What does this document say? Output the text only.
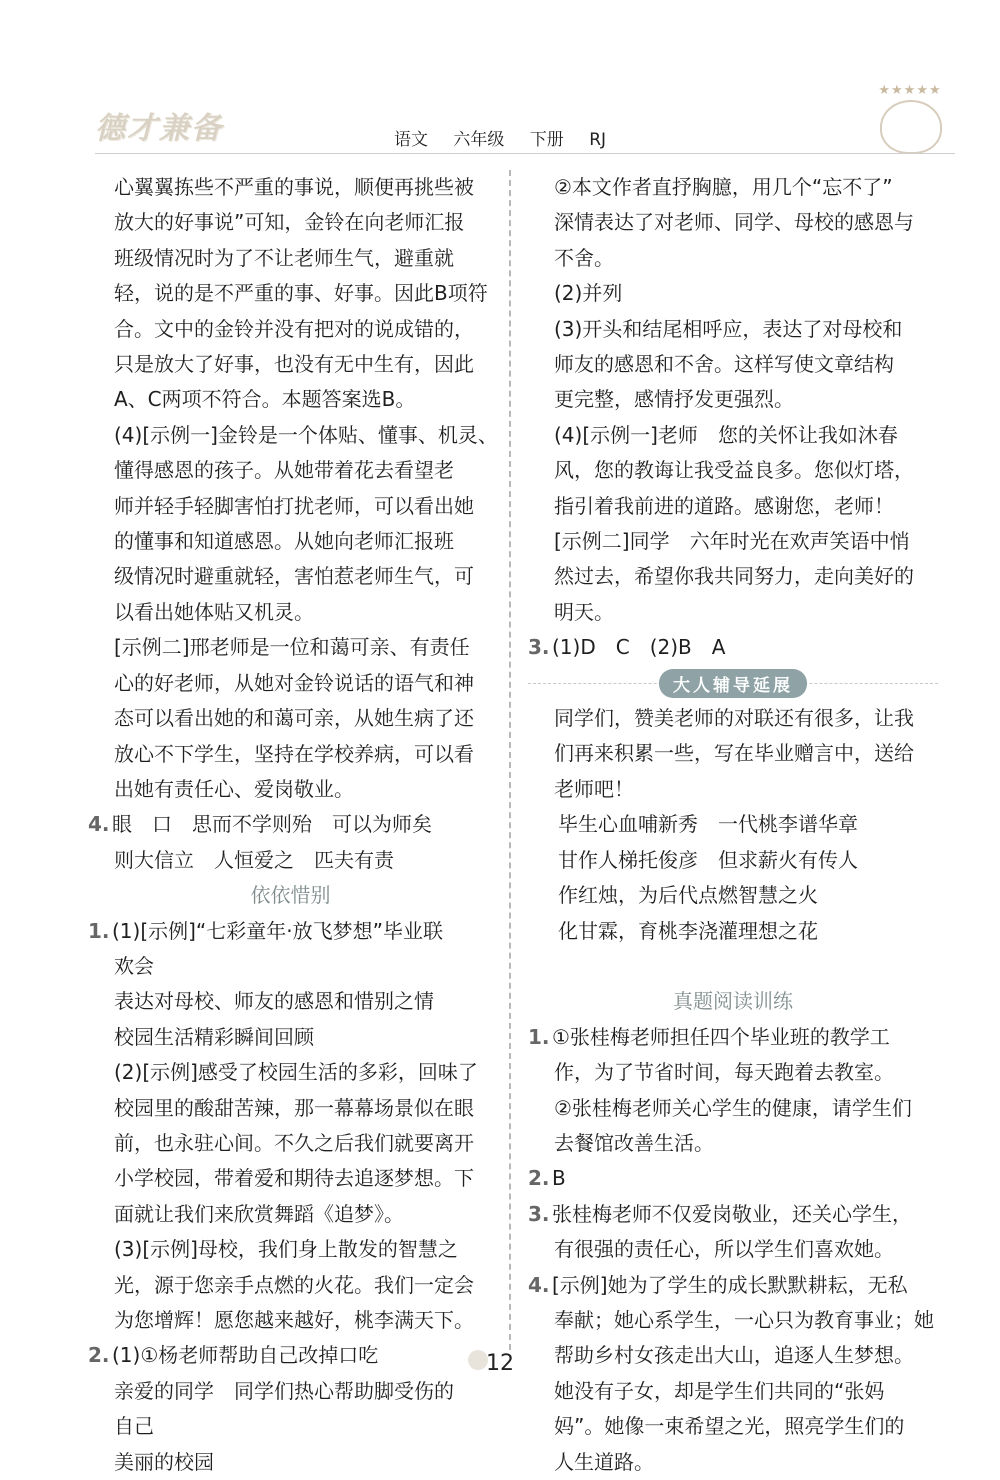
德才兼备	语文 六年级 下册 RJ
★★★★★
心翼翼拣些不严重的事说，顺便再挑些被
放大的好事说”可知，金铃在向老师汇报
班级情况时为了不让老师生气，避重就
轻，说的是不严重的事、好事。因此B项符
合。文中的金铃并没有把对的说成错的，
只是放大了好事，也没有无中生有，因此
A、C两项不符合。本题答案选B。
(4)[示例一]金铃是一个体贴、懂事、机灵、
懂得感恩的孩子。从她带着花去看望老
师并轻手轻脚害怕打扰老师，可以看出她
的懂事和知道感恩。从她向老师汇报班
级情况时避重就轻，害怕惹老师生气，可
以看出她体贴又机灵。
[示例二]邢老师是一位和蔼可亲、有责任
心的好老师，从她对金铃说话的语气和神
态可以看出她的和蔼可亲，从她生病了还
放心不下学生，坚持在学校养病，可以看
出她有责任心、爱岗敬业。
4. 眼　口　思而不学则殆　可以为师矣
则大信立　人恒爱之　匹夫有责
依依惜别
1. (1)[示例]“七彩童年·放飞梦想”毕业联
欢会
表达对母校、师友的感恩和惜别之情
校园生活精彩瞬间回顾
(2)[示例]感受了校园生活的多彩，回味了
校园里的酸甜苦辣，那一幕幕场景似在眼
前，也永驻心间。不久之后我们就要离开
小学校园，带着爱和期待去追逐梦想。下
面就让我们来欣赏舞蹈《追梦》。
(3)[示例]母校，我们身上散发的智慧之
光，源于您亲手点燃的火花。我们一定会
为您增辉！愿您越来越好，桃李满天下。
2. (1)①杨老师帮助自己改掉口吃
亲爱的同学　同学们热心帮助脚受伤的
自己
美丽的校园
②本文作者直抒胸臆，用几个“忘不了”
深情表达了对老师、同学、母校的感恩与
不舍。
(2)并列
(3)开头和结尾相呼应，表达了对母校和
师友的感恩和不舍。这样写使文章结构
更完整，感情抒发更强烈。
(4)[示例一]老师　您的关怀让我如沐春
风，您的教诲让我受益良多。您似灯塔，
指引着我前进的道路。感谢您，老师！
[示例二]同学　六年时光在欢声笑语中悄
然过去，希望你我共同努力，走向美好的
明天。
3. (1)D　C　(2)B　A
大人辅导延展
同学们，赞美老师的对联还有很多，让我
们再来积累一些，写在毕业赠言中，送给
老师吧！
毕生心血哺新秀　一代桃李谱华章
甘作人梯托俊彦　但求薪火有传人
作红烛，为后代点燃智慧之火
化甘霖，育桃李浇灌理想之花

真题阅读训练
1. ①张桂梅老师担任四个毕业班的教学工
作，为了节省时间，每天跑着去教室。
②张桂梅老师关心学生的健康，请学生们
去餐馆改善生活。
2. B
3. 张桂梅老师不仅爱岗敬业，还关心学生，
有很强的责任心，所以学生们喜欢她。
4. [示例]她为了学生的成长默默耕耘，无私
奉献；她心系学生，一心只为教育事业；她
帮助乡村女孩走出大山，追逐人生梦想。
她没有子女，却是学生们共同的“张妈
妈”。她像一束希望之光，照亮学生们的
人生道路。
12
